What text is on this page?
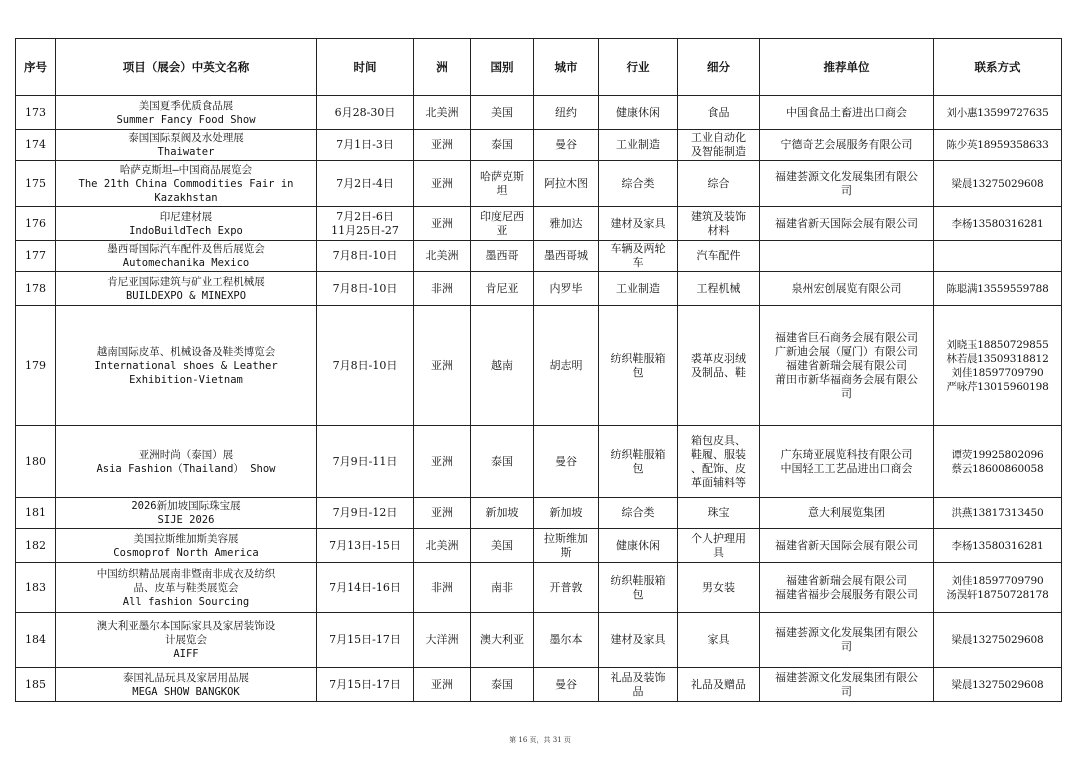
序号	项目（展会）中英文名称	时间	洲	国别	城市	行业	细分	推荐单位	联系方式
173	美国夏季优质食品展
Summer Fancy Food Show	6月28-30日	北美洲	美国	纽约	健康休闲	食品	中国食品土畜进出口商会	刘小惠13599727635

174	泰国国际泵阀及水处理展
Thaiwater	7月1日-3日	亚洲	泰国	曼谷	工业制造	工业自动化
及智能制造	宁德奇艺会展服务有限公司	陈少英18959358633

175	哈萨克斯坦—中国商品展览会
The 21th China Commodities Fair in
Kazakhstan	7月2日-4日	亚洲	哈萨克斯
坦	阿拉木图	综合类	综合	福建荟源文化发展集团有限公
司	梁晨13275029608

176	印尼建材展
IndoBuildTech Expo	7月2日-6日
11月25日-27	亚洲	印度尼西
亚	雅加达	建材及家具	建筑及装饰
材料	福建省新天国际会展有限公司	李杨13580316281

177	墨西哥国际汽车配件及售后展览会
Automechanika Mexico	7月8日-10日	北美洲	墨西哥	墨西哥城	车辆及两轮
车	汽车配件		

178	肯尼亚国际建筑与矿业工程机械展
BUILDEXPO & MINEXPO	7月8日-10日	非洲	肯尼亚	内罗毕	工业制造	工程机械	泉州宏创展览有限公司	陈聪满13559559788

179	越南国际皮革、机械设备及鞋类博览会
International shoes & Leather
Exhibition-Vietnam	7月8日-10日	亚洲	越南	胡志明	纺织鞋服箱
包	裘革皮羽绒
及制品、鞋	福建省巨石商务会展有限公司
广新迪会展（厦门）有限公司
福建省新瑞会展有限公司
莆田市新华福商务会展有限公
司	刘晓玉18850729855
林若晨13509318812
刘佳18597709790
严咏芹13015960198

180	亚洲时尚（泰国）展
Asia Fashion（Thailand） Show	7月9日-11日	亚洲	泰国	曼谷	纺织鞋服箱
包	箱包皮具、
鞋履、服装
、配饰、皮
革面辅料等	广东琦亚展览科技有限公司
中国轻工工艺品进出口商会	谭荧19925802096
蔡云18600860058

181	2026新加坡国际珠宝展
SIJE 2026	7月9日-12日	亚洲	新加坡	新加坡	综合类	珠宝	意大利展览集团	洪燕13817313450

182	美国拉斯维加斯美容展
Cosmoprof North America	7月13日-15日	北美洲	美国	拉斯维加
斯	健康休闲	个人护理用
具	福建省新天国际会展有限公司	李杨13580316281

183	中国纺织精品展南非暨南非成衣及纺织
品、皮革与鞋类展览会
All fashion Sourcing	7月14日-16日	非洲	南非	开普敦	纺织鞋服箱
包	男女装	福建省新瑞会展有限公司
福建省福步会展服务有限公司	刘佳18597709790
汤淏轩18750728178

184	澳大利亚墨尔本国际家具及家居装饰设
计展览会
AIFF	7月15日-17日	大洋洲	澳大利亚	墨尔本	建材及家具	家具	福建荟源文化发展集团有限公
司	梁晨13275029608

185	泰国礼品玩具及家居用品展
MEGA SHOW BANGKOK	7月15日-17日	亚洲	泰国	曼谷	礼品及装饰
品	礼品及赠品	福建荟源文化发展集团有限公
司	梁晨13275029608
第 16 页，共 31 页
